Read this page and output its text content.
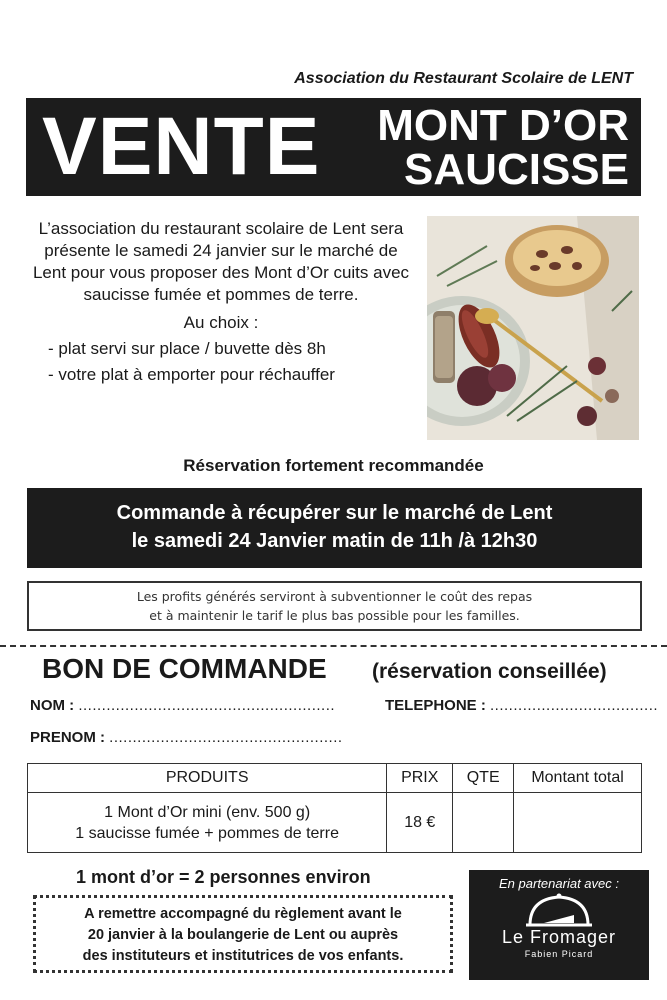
Association du Restaurant Scolaire de LENT
VENTE MONT D’OR
SAUCISSE
L’association du restaurant scolaire de Lent sera présente le samedi 24 janvier sur le marché de Lent pour vous proposer des Mont d’Or cuits avec saucisse fumée et pommes de terre.
Au choix :
- plat servi sur place / buvette dès 8h
- votre plat à emporter pour réchauffer
Réservation fortement recommandée
Commande à récupérer sur le marché de Lent
le samedi 24 Janvier matin de 11h /à 12h30
Les profits générés serviront à subventionner le coût des repas
et à maintenir le tarif le plus bas possible pour les familles.
BON DE COMMANDE (réservation conseillée)
NOM : .......................................................	TELEPHONE : ....................................
PRENOM : ..................................................
PRODUITS	PRIX	QTE	Montant total

1 Mont d’Or mini (env. 500 g)
1 saucisse fumée + pommes de terre	18 €		
1 mont d’or = 2 personnes environ
A remettre accompagné du règlement avant le
20 janvier à la boulangerie de Lent ou auprès
des instituteurs et institutrices de vos enfants.
En partenariat avec :
Le Fromager
Fabien Picard
